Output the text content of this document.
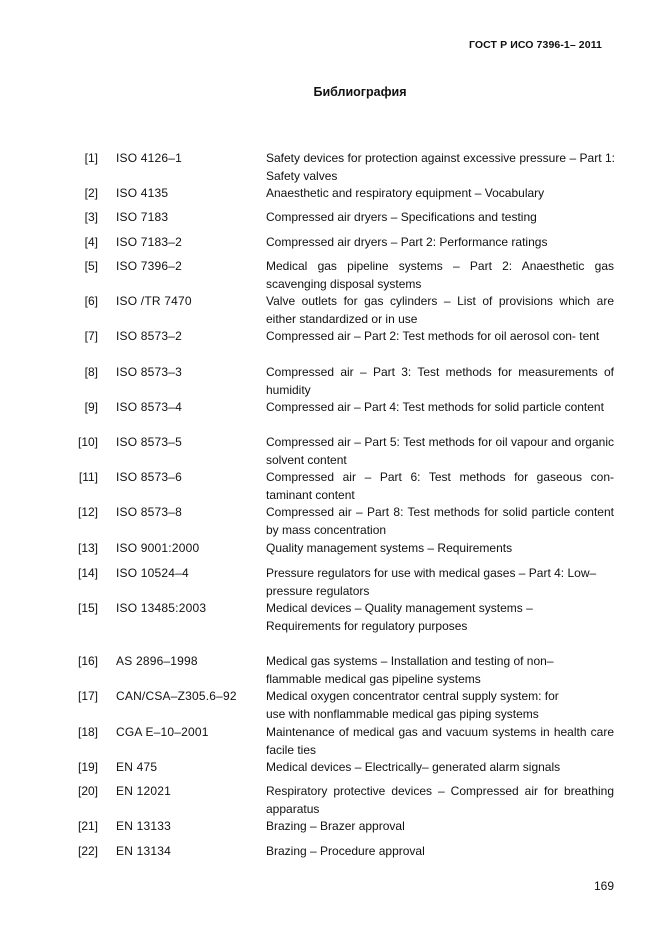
ГОСТ Р ИСО 7396-1– 2011
Библиография
[1] ISO 4126–1	Safety devices for protection against excessive pressure – Part 1: Safety valves
[2] ISO 4135	Anaesthetic and respiratory equipment – Vocabulary
[3] ISO 7183	Compressed air dryers – Specifications and testing
[4] ISO 7183–2	Compressed air dryers – Part 2: Performance ratings
[5] ISO 7396–2	Medical gas pipeline systems – Part 2: Anaesthetic gas scavenging disposal systems
[6] ISO /TR 7470	Valve outlets for gas cylinders – List of provisions which are either standardized or in use
[7] ISO 8573–2	Compressed air – Part 2: Test methods for oil aerosol con- tent
[8] ISO 8573–3	Compressed air – Part 3: Test methods for measurements of humidity
[9] ISO 8573–4	Compressed air – Part 4: Test methods for solid particle content
[10] ISO 8573–5	Compressed air – Part 5: Test methods for oil vapour and organic solvent content
[11] ISO 8573–6	Compressed air – Part 6: Test methods for gaseous con- taminant content
[12] ISO 8573–8	Compressed air – Part 8: Test methods for solid particle content by mass concentration
[13] ISO 9001:2000	Quality management systems – Requirements
[14] ISO 10524–4	Pressure regulators for use with medical gases – Part 4: Low–pressure regulators
[15] ISO 13485:2003	Medical devices – Quality management systems – Requirements for regulatory purposes
[16] AS 2896–1998	Medical gas systems – Installation and testing of non–flammable medical gas pipeline systems
[17] CAN/CSA–Z305.6–92 Medical oxygen concentrator central supply system: for use with nonflammable medical gas piping systems
[18] CGA E–10–2001	Maintenance of medical gas and vacuum systems in health care facile ties
[19] EN 475	Medical devices – Electrically– generated alarm signals
[20] EN 12021	Respiratory protective devices – Compressed air for breathing apparatus
[21] EN 13133	Brazing – Brazer approval
[22] EN 13134	Brazing – Procedure approval
169
